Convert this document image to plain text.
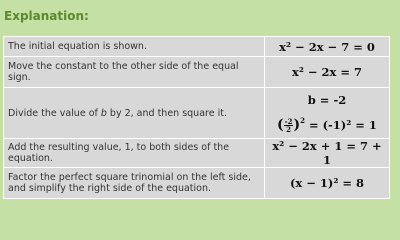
Explanation:
The initial equation is shown.	x² − 2x − 7 = 0
Move the constant to the other side of the equal sign.	x² − 2x = 7
Divide the value of b by 2, and then square it.	b = -2
( $\frac{-2}{2} )^2 = (-1)^2 = 1$

Add the resulting value, 1, to both sides of the equation.	x² − 2x + 1 = 7 + 1
Factor the perfect square trinomial on the left side, and simplify the right side of the equation.	(x − 1)² = 8
